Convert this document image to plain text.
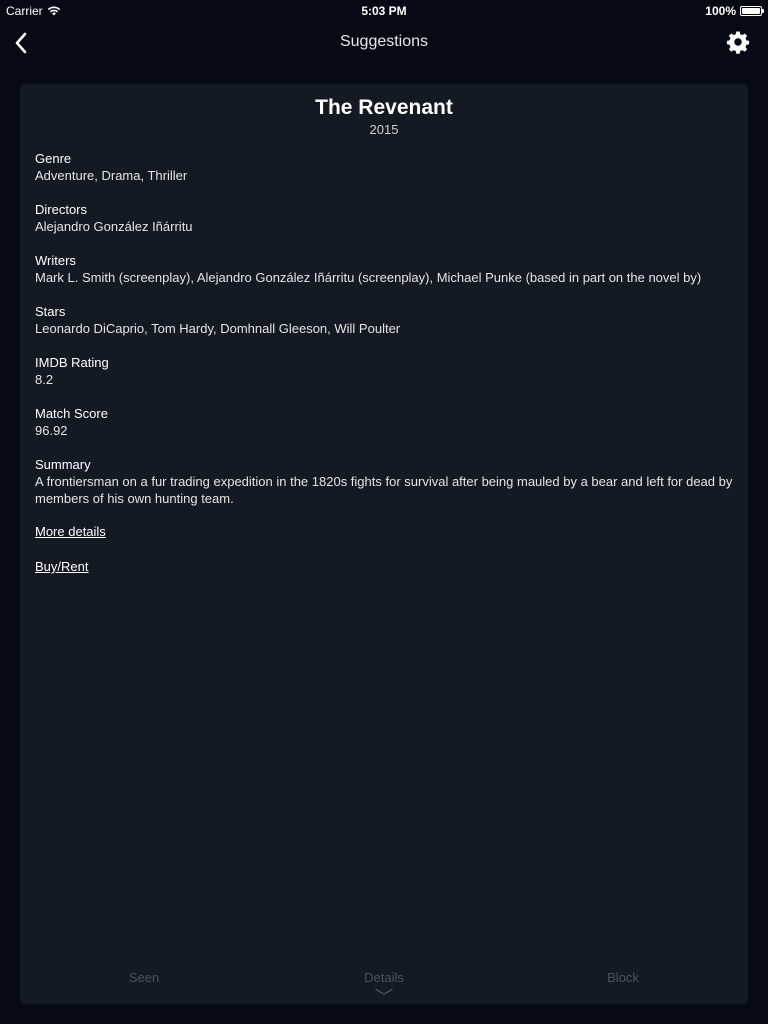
Carrier	5:03 PM	100%
Suggestions
The Revenant
2015
Genre
Adventure, Drama, Thriller
Directors
Alejandro González Iñárritu
Writers
Mark L. Smith (screenplay), Alejandro González Iñárritu (screenplay), Michael Punke (based in part on the novel by)
Stars
Leonardo DiCaprio, Tom Hardy, Domhnall Gleeson, Will Poulter
IMDB Rating
8.2
Match Score
96.92
Summary
A frontiersman on a fur trading expedition in the 1820s fights for survival after being mauled by a bear and left for dead by members of his own hunting team.
More details
Buy/Rent
Seen	Details	Block
